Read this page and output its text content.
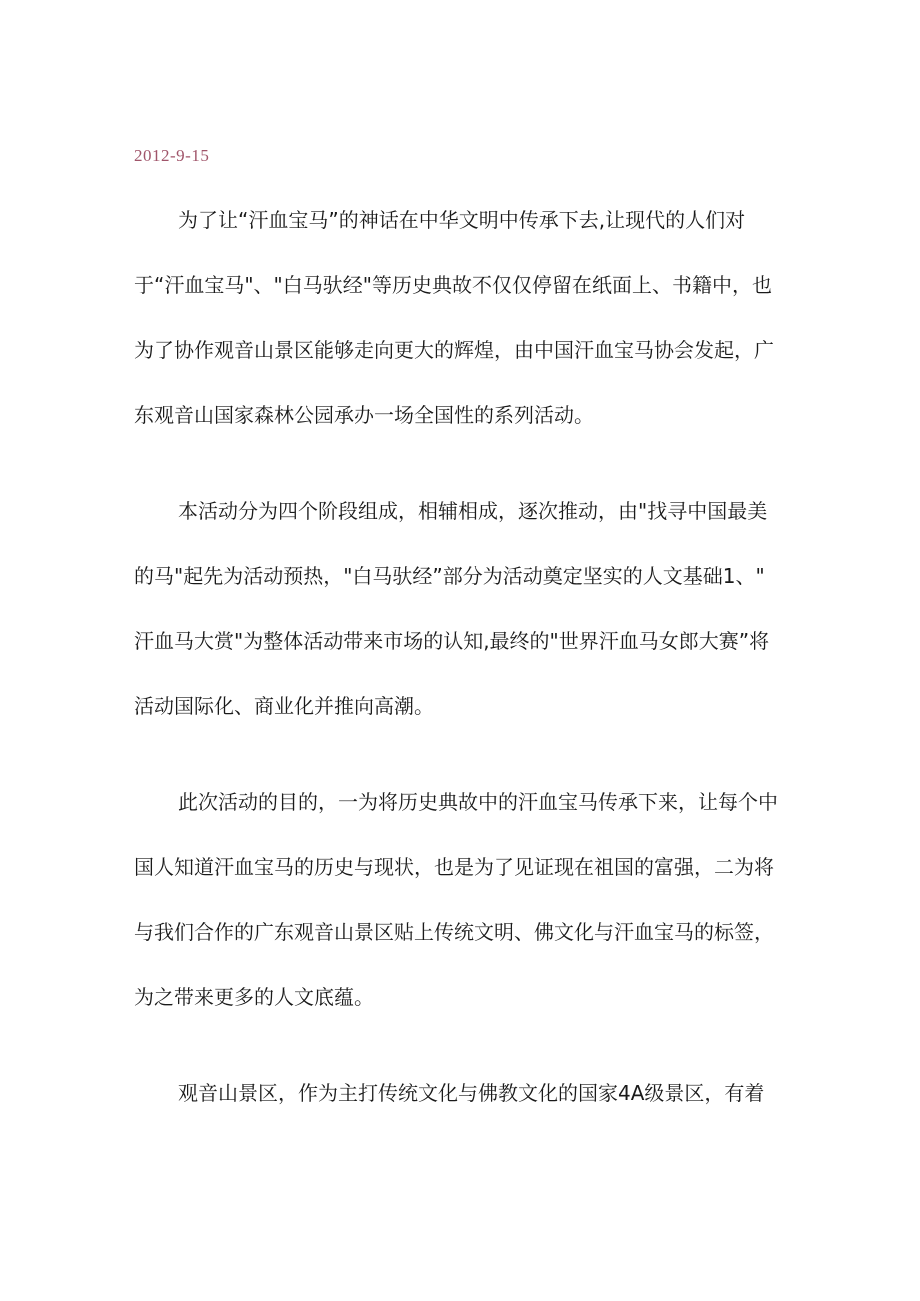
2012-9-15
为了让“汗血宝马”的神话在中华文明中传承下去,让现代的人们对
于“汗血宝马"、"白马驮经"等历史典故不仅仅停留在纸面上、书籍中，也
为了协作观音山景区能够走向更大的辉煌，由中国汗血宝马协会发起，广
东观音山国家森林公园承办一场全国性的系列活动。
本活动分为四个阶段组成，相辅相成，逐次推动，由"找寻中国最美
的马"起先为活动预热，"白马驮经”部分为活动奠定坚实的人文基础1、"
汗血马大赏"为整体活动带来市场的认知,最终的"世界汗血马女郎大赛”将
活动国际化、商业化并推向高潮。
此次活动的目的，一为将历史典故中的汗血宝马传承下来，让每个中
国人知道汗血宝马的历史与现状，也是为了见证现在祖国的富强，二为将
与我们合作的广东观音山景区贴上传统文明、佛文化与汗血宝马的标签，
为之带来更多的人文底蕴。
观音山景区，作为主打传统文化与佛教文化的国家4A级景区，有着
